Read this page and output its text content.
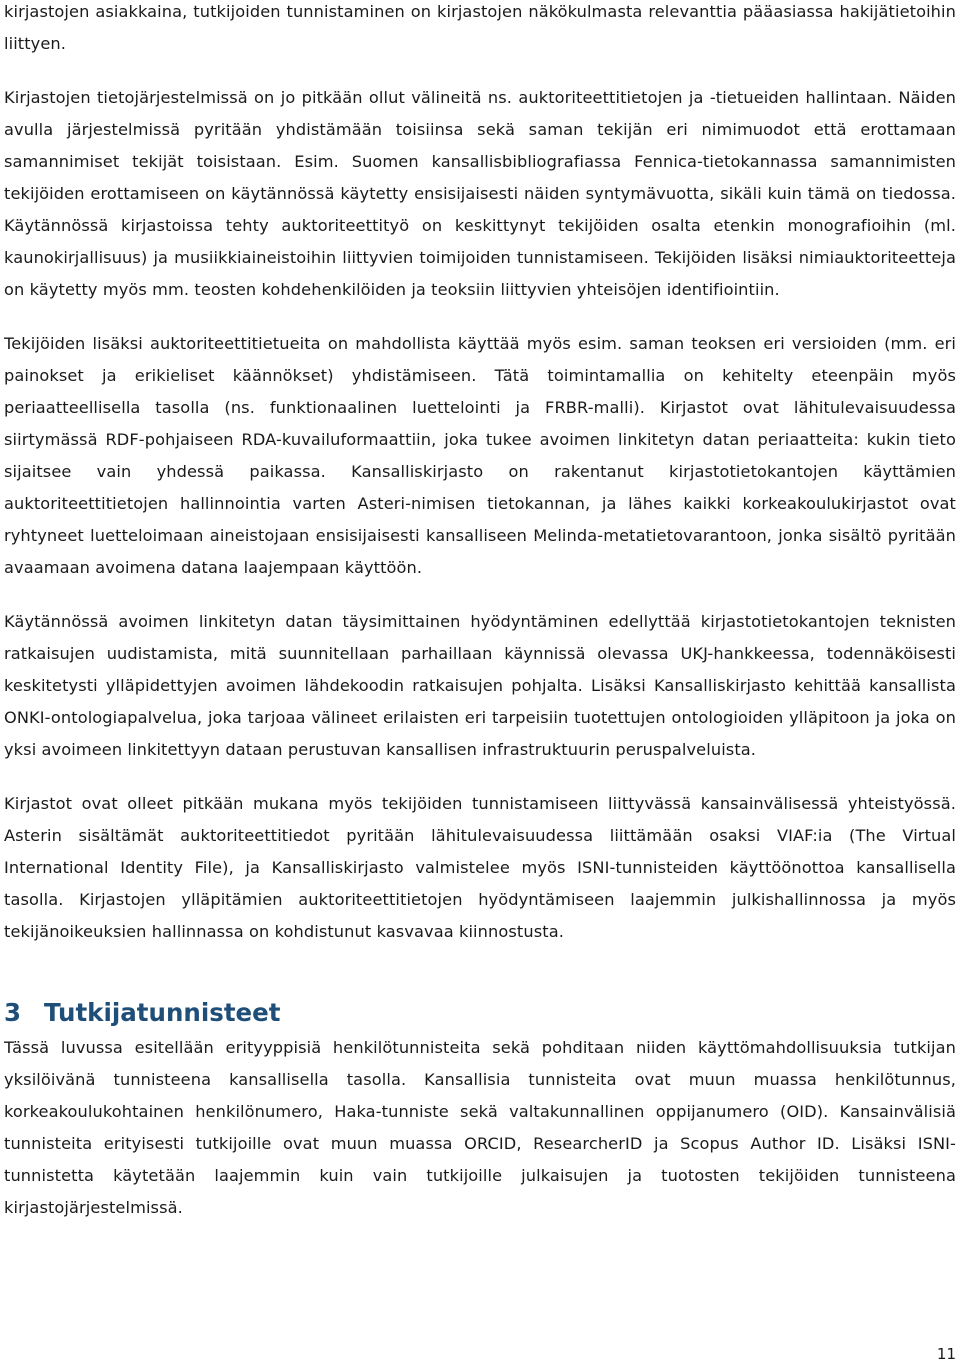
kirjastojen asiakkaina, tutkijoiden tunnistaminen on kirjastojen näkökulmasta relevanttia pääasiassa hakijätietoihin liittyen.

Kirjastojen tietojärjestelmissä on jo pitkään ollut välineitä ns. auktoriteettitietojen ja -tietueiden hallintaan. Näiden avulla järjestelmissä pyritään yhdistämään toisiinsa sekä saman tekijän eri nimimuodot että erottamaan samannimiset tekijät toisistaan. Esim. Suomen kansallisbibliografiassa Fennica-tietokannassa samannimisten tekijöiden erottamiseen on käytännössä käytetty ensisijaisesti näiden syntymävuotta, sikäli kuin tämä on tiedossa. Käytännössä kirjastoissa tehty auktoriteettityö on keskittynyt tekijöiden osalta etenkin monografioihin (ml. kaunokirjallisuus) ja musiikkiaineistoihin liittyvien toimijoiden tunnistamiseen. Tekijöiden lisäksi nimiauktoriteetteja on käytetty myös mm. teosten kohdehenkilöiden ja teoksiin liittyvien yhteisöjen identifiointiin.

Tekijöiden lisäksi auktoriteettitietueita on mahdollista käyttää myös esim. saman teoksen eri versioiden (mm. eri painokset ja erikieliset käännökset) yhdistämiseen. Tätä toimintamallia on kehitelty eteenpäin myös periaatteellisella tasolla (ns. funktionaalinen luettelointi ja FRBR-malli). Kirjastot ovat lähitulevaisuudessa siirtymässä RDF-pohjaiseen RDA-kuvailuformaattiin, joka tukee avoimen linkitetyn datan periaatteita: kukin tieto sijaitsee vain yhdessä paikassa. Kansalliskirjasto on rakentanut kirjastotietokantojen käyttämien auktoriteettitietojen hallinnointia varten Asteri-nimisen tietokannan, ja lähes kaikki korkeakoulukirjastot ovat ryhtyneet luetteloimaan aineistojaan ensisijaisesti kansalliseen Melinda-metatietovarantoon, jonka sisältö pyritään avaamaan avoimena datana laajempaan käyttöön.

Käytännössä avoimen linkitetyn datan täysimittainen hyödyntäminen edellyttää kirjastotietokantojen teknisten ratkaisujen uudistamista, mitä suunnitellaan parhaillaan käynnissä olevassa UKJ-hankkeessa, todennäköisesti keskitetysti ylläpidettyjen avoimen lähdekoodin ratkaisujen pohjalta. Lisäksi Kansalliskirjasto kehittää kansallista ONKI-ontologiapalvelua, joka tarjoaa välineet erilaisten eri tarpeisiin tuotettujen ontologioiden ylläpitoon ja joka on yksi avoimeen linkitettyyn dataan perustuvan kansallisen infrastruktuurin peruspalveluista.

Kirjastot ovat olleet pitkään mukana myös tekijöiden tunnistamiseen liittyvässä kansainvälisessä yhteistyössä. Asterin sisältämät auktoriteettitiedot pyritään lähitulevaisuudessa liittämään osaksi VIAF:ia (The Virtual International Identity File), ja Kansalliskirjasto valmistelee myös ISNI-tunnisteiden käyttöönottoa kansallisella tasolla. Kirjastojen ylläpitämien auktoriteettitietojen hyödyntämiseen laajemmin julkishallinnossa ja myös tekijänoikeuksien hallinnassa on kohdistunut kasvavaa kiinnostusta.

3 Tutkijatunnisteet

Tässä luvussa esitellään erityyppisiä henkilötunnisteita sekä pohditaan niiden käyttömahdollisuuksia tutkijan yksilöivänä tunnisteena kansallisella tasolla. Kansallisia tunnisteita ovat muun muassa henkilötunnus, korkeakoulukohtainen henkilönumero, Haka-tunniste sekä valtakunnallinen oppijanumero (OID). Kansainvälisiä tunnisteita erityisesti tutkijoille ovat muun muassa ORCID, ResearcherID ja Scopus Author ID. Lisäksi ISNI-tunnistetta käytetään laajemmin kuin vain tutkijoille julkaisujen ja tuotosten tekijöiden tunnisteena kirjastojärjestelmissä.

11
